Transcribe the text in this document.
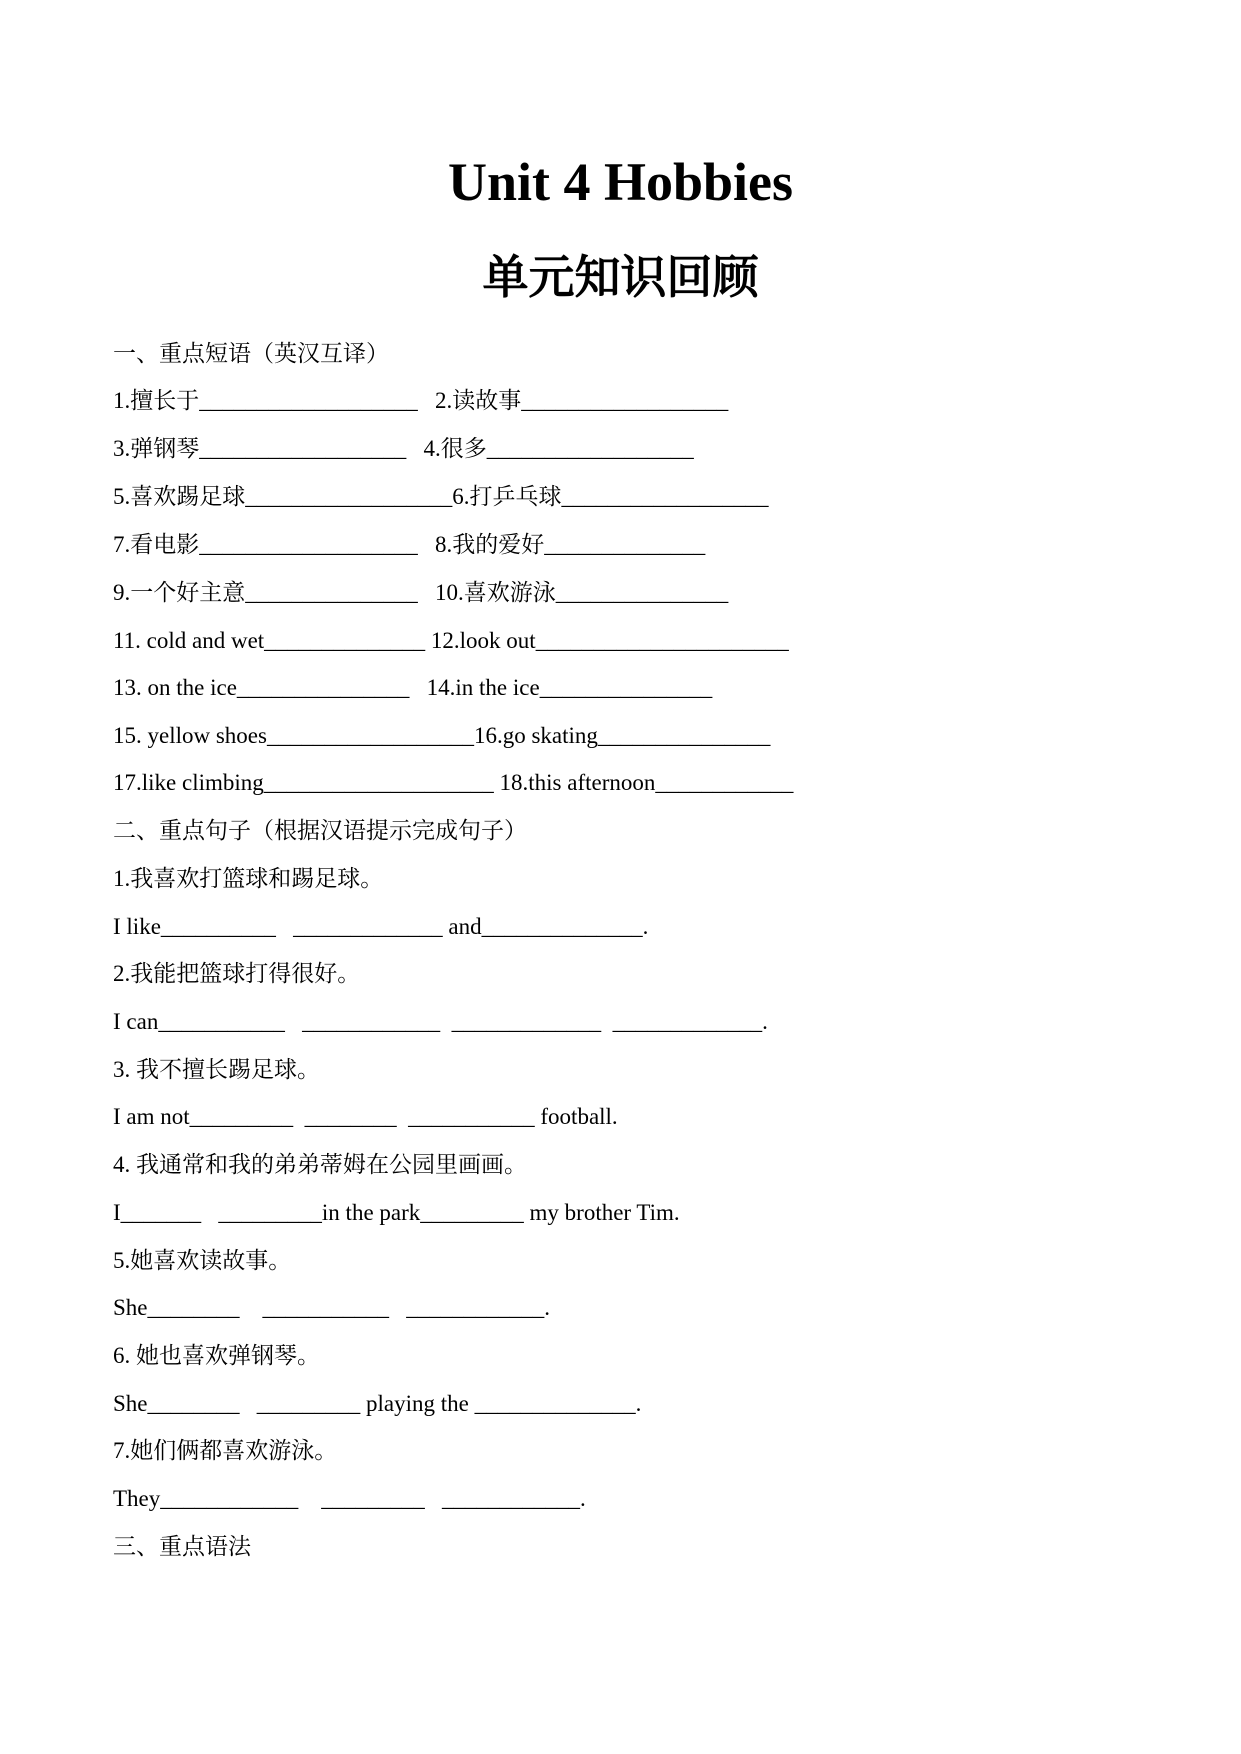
Unit 4 Hobbies
单元知识回顾
一、重点短语（英汉互译）
1.擅长于___________________   2.读故事__________________
3.弹钢琴__________________   4.很多__________________
5.喜欢踢足球__________________6.打乒乓球__________________
7.看电影___________________   8.我的爱好______________
9.一个好主意_______________   10.喜欢游泳_______________
11. cold and wet______________ 12.look out______________________
13. on the ice_______________   14.in the ice_______________
15. yellow shoes__________________16.go skating_______________
17.like climbing____________________ 18.this afternoon____________
二、重点句子（根据汉语提示完成句子）
1.我喜欢打篮球和踢足球。
I like__________   _____________ and______________.
2.我能把篮球打得很好。
I can___________   ____________  _____________  _____________.
3. 我不擅长踢足球。
I am not_________  ________  ___________ football.
4. 我通常和我的弟弟蒂姆在公园里画画。
I_______   _________in the park_________ my brother Tim.
5.她喜欢读故事。
She________    ___________   ____________.
6. 她也喜欢弹钢琴。
She________   _________ playing the ______________.
7.她们俩都喜欢游泳。
They____________    _________   ____________.
三、重点语法
